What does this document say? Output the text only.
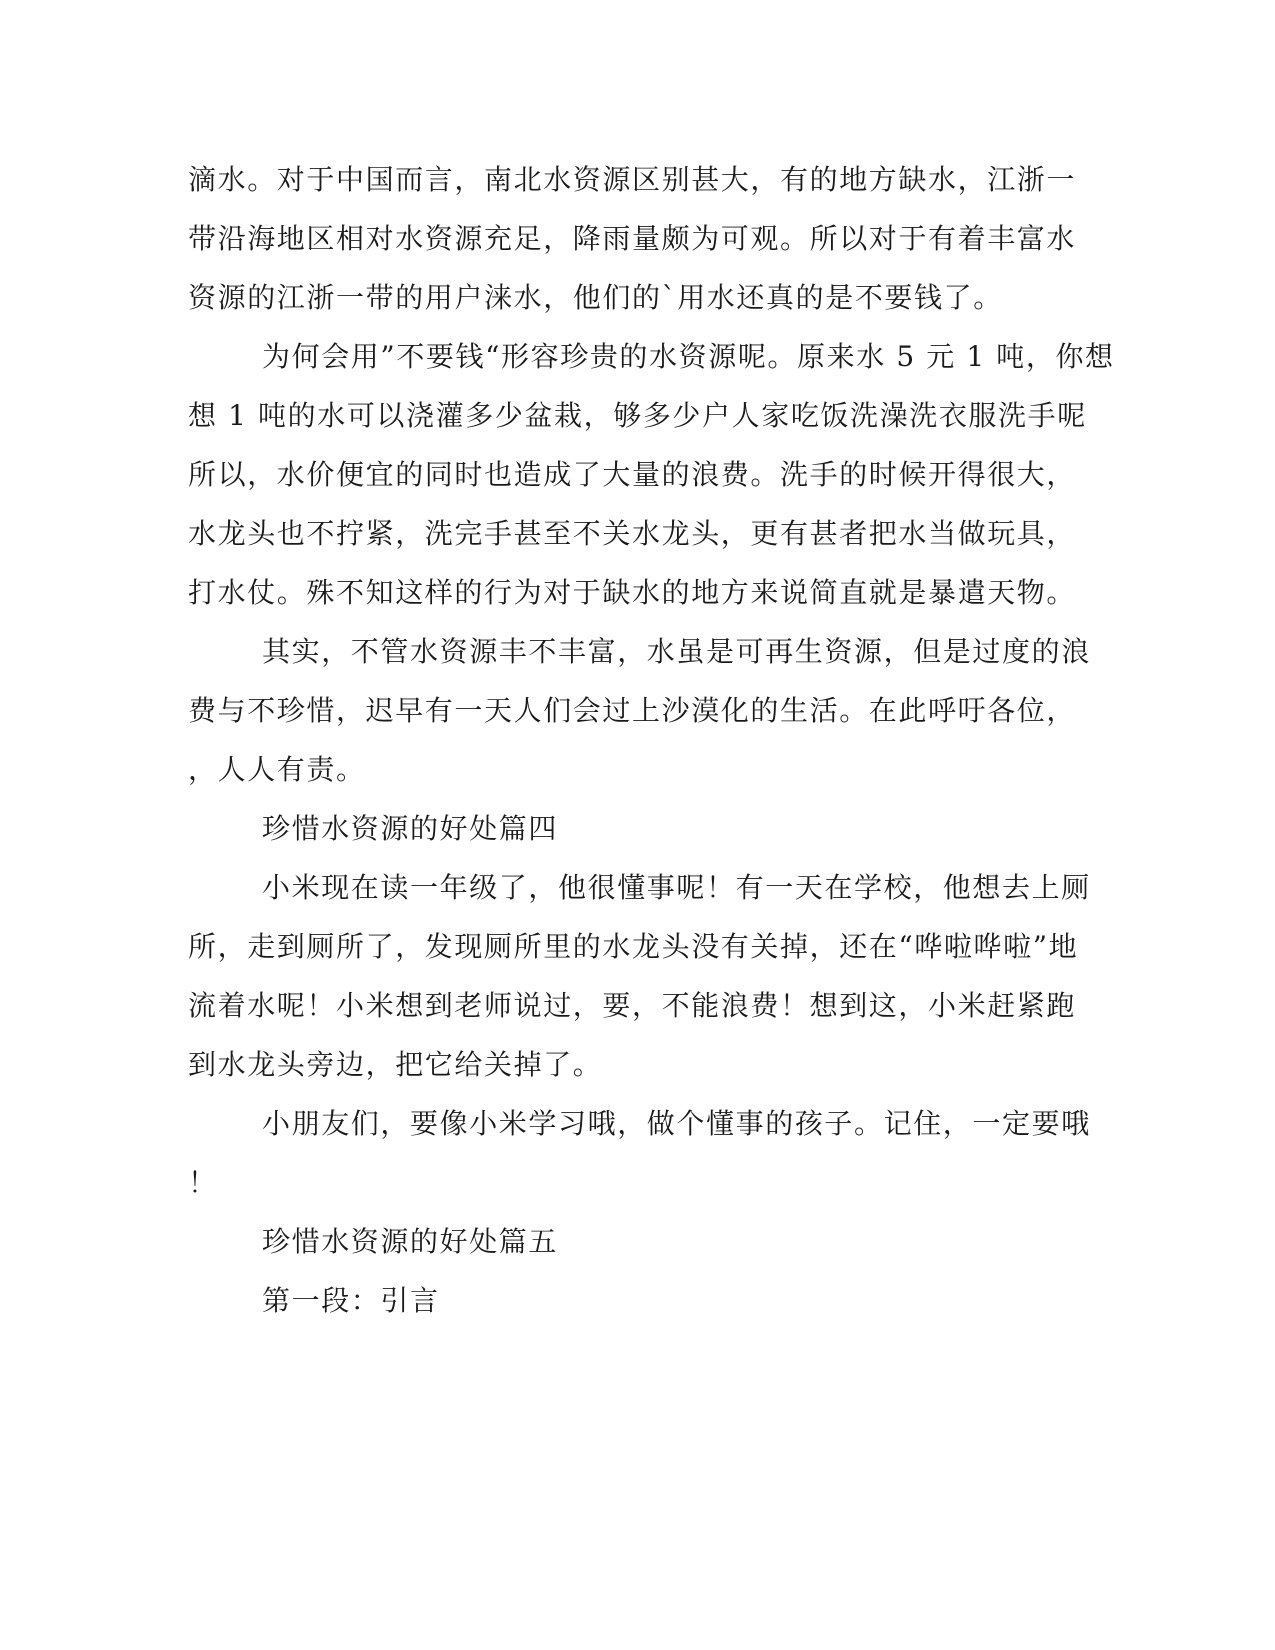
滴水。对于中国而言，南北水资源区别甚大，有的地方缺水，江浙一

带沿海地区相对水资源充足，降雨量颇为可观。所以对于有着丰富水

资源的江浙一带的用户涞水，他们的`用水还真的是不要钱了。

为何会用”不要钱“形容珍贵的水资源呢。原来水 5 元 1 吨，你想

想 1 吨的水可以浇灌多少盆栽，够多少户人家吃饭洗澡洗衣服洗手呢

所以，水价便宜的同时也造成了大量的浪费。洗手的时候开得很大，

水龙头也不拧紧，洗完手甚至不关水龙头，更有甚者把水当做玩具，

打水仗。殊不知这样的行为对于缺水的地方来说简直就是暴遣天物。

其实，不管水资源丰不丰富，水虽是可再生资源，但是过度的浪

费与不珍惜，迟早有一天人们会过上沙漠化的生活。在此呼吁各位，

，人人有责。

珍惜水资源的好处篇四

小米现在读一年级了，他很懂事呢！有一天在学校，他想去上厕

所，走到厕所了，发现厕所里的水龙头没有关掉，还在“哗啦哗啦”地

流着水呢！小米想到老师说过，要，不能浪费！想到这，小米赶紧跑

到水龙头旁边，把它给关掉了。

小朋友们，要像小米学习哦，做个懂事的孩子。记住，一定要哦

！

珍惜水资源的好处篇五

第一段：引言
